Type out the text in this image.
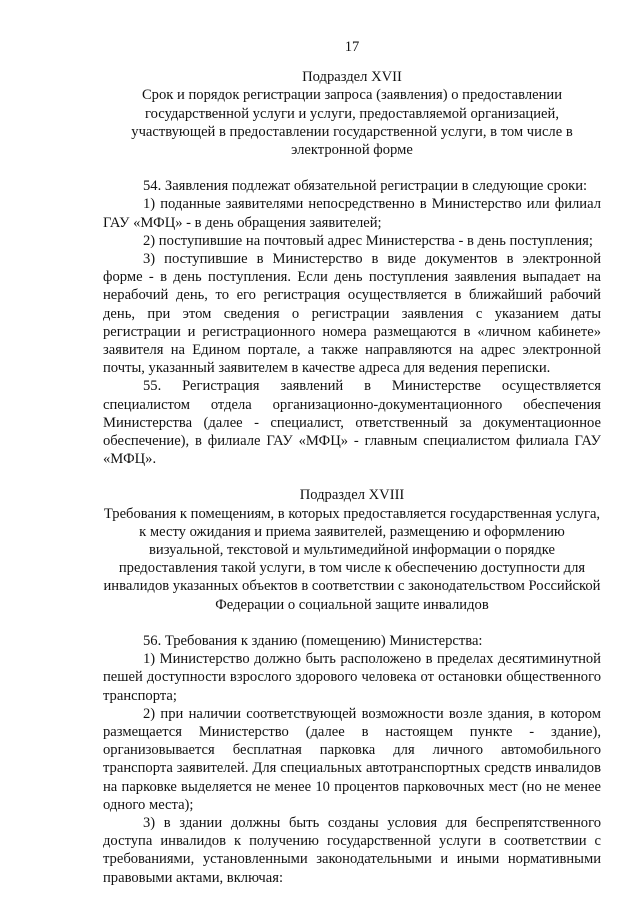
17
Подраздел XVII
Срок и порядок регистрации запроса (заявления) о предоставлении государственной услуги и услуги, предоставляемой организацией, участвующей в предоставлении государственной услуги, в том числе в электронной форме

54. Заявления подлежат обязательной регистрации в следующие сроки:

1) поданные заявителями непосредственно в Министерство или филиал ГАУ «МФЦ» - в день обращения заявителей;

2) поступившие на почтовый адрес Министерства - в день поступления;

3) поступившие в Министерство в виде документов в электронной форме - в день поступления. Если день поступления заявления выпадает на нерабочий день, то его регистрация осуществляется в ближайший рабочий день, при этом сведения о регистрации заявления с указанием даты регистрации и регистрационного номера размещаются в «личном кабинете» заявителя на Едином портале, а также направляются на адрес электронной почты, указанный заявителем в качестве адреса для ведения переписки.

55. Регистрация заявлений в Министерстве осуществляется специалистом отдела организационно-документационного обеспечения Министерства (далее - специалист, ответственный за документационное обеспечение), в филиале ГАУ «МФЦ» - главным специалистом филиала ГАУ «МФЦ».

Подраздел XVIII
Требования к помещениям, в которых предоставляется государственная услуга, к месту ожидания и приема заявителей, размещению и оформлению визуальной, текстовой и мультимедийной информации о порядке предоставления такой услуги, в том числе к обеспечению доступности для инвалидов указанных объектов в соответствии с законодательством Российской Федерации о социальной защите инвалидов

56. Требования к зданию (помещению) Министерства:

1) Министерство должно быть расположено в пределах десятиминутной пешей доступности взрослого здорового человека от остановки общественного транспорта;

2) при наличии соответствующей возможности возле здания, в котором размещается Министерство (далее в настоящем пункте - здание), организовывается бесплатная парковка для личного автомобильного транспорта заявителей. Для специальных автотранспортных средств инвалидов на парковке выделяется не менее 10 процентов парковочных мест (но не менее одного места);

3) в здании должны быть созданы условия для беспрепятственного доступа инвалидов к получению государственной услуги в соответствии с требованиями, установленными законодательными и иными нормативными правовыми актами, включая:
